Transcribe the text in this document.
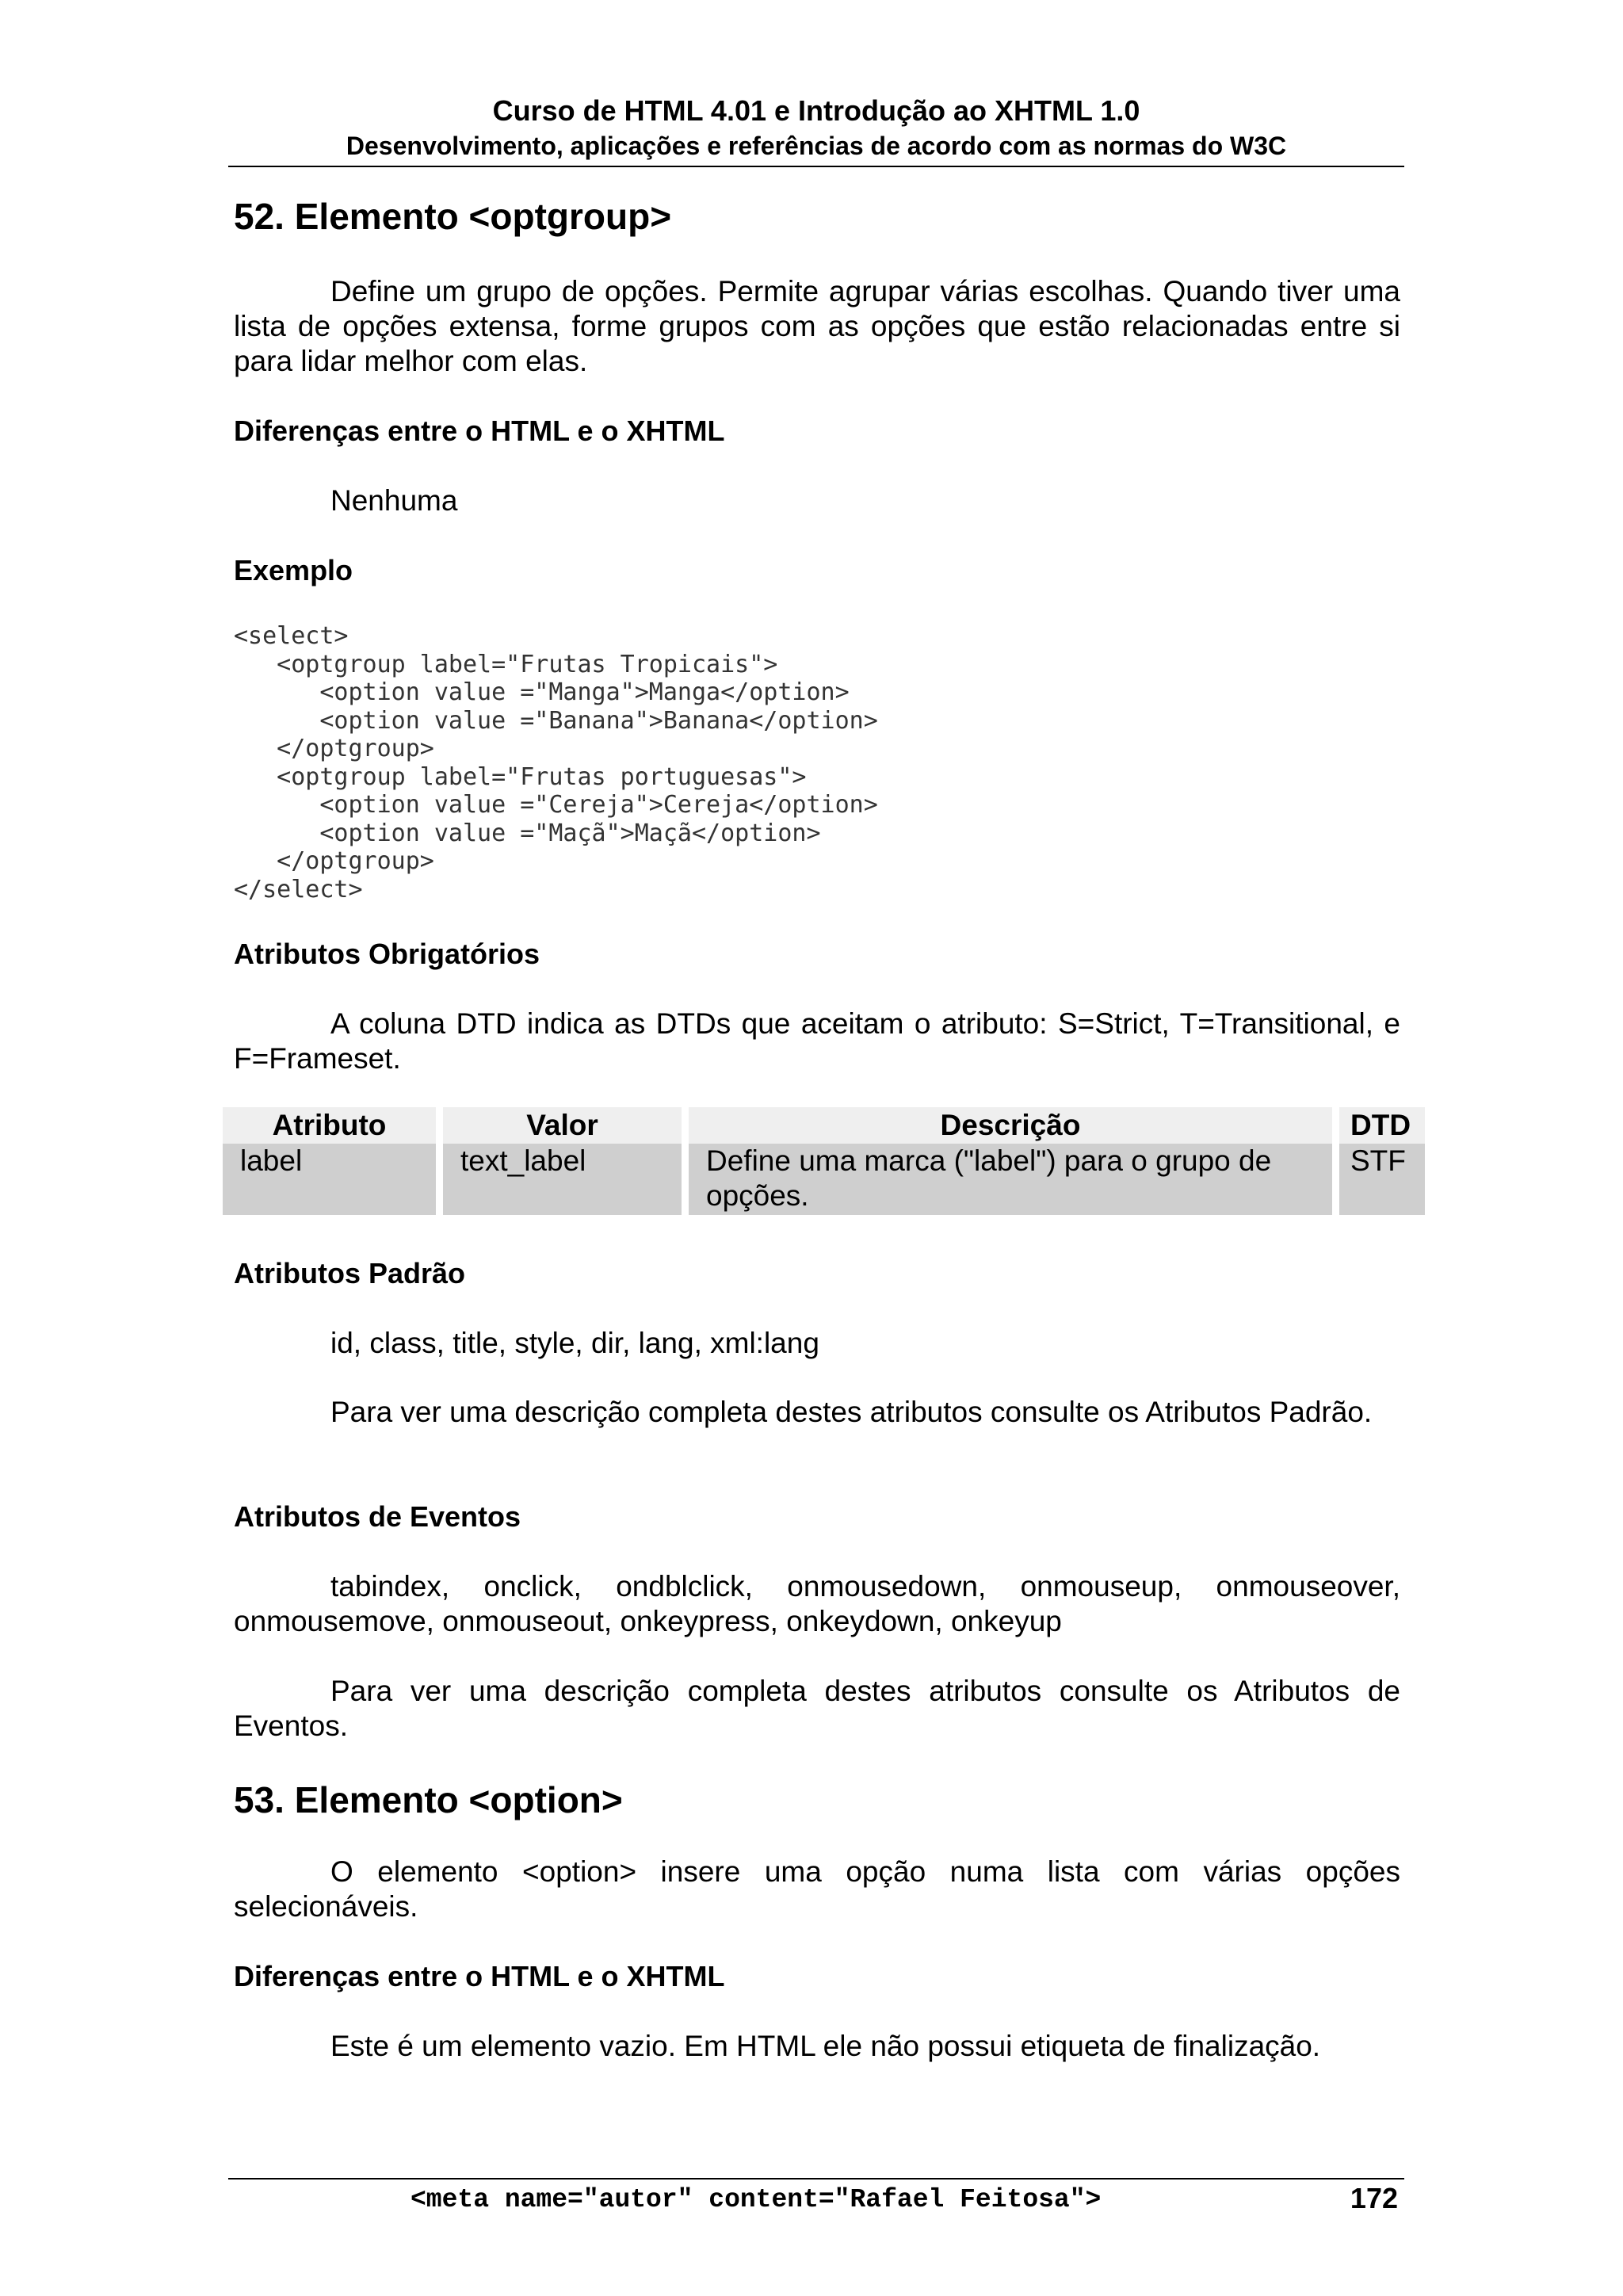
Curso de HTML 4.01 e Introdução ao XHTML 1.0
Desenvolvimento, aplicações e referências de acordo com as normas do W3C
52. Elemento <optgroup>
Define um grupo de opções. Permite agrupar várias escolhas. Quando tiver uma lista de opções extensa, forme grupos com as opções que estão relacionadas entre si para lidar melhor com elas.
Diferenças entre o HTML e o XHTML
Nenhuma
Exemplo
<select>
<optgroup label="Frutas Tropicais">
<option value ="Manga">Manga</option>
<option value ="Banana">Banana</option>
</optgroup>
<optgroup label="Frutas portuguesas">
<option value ="Cereja">Cereja</option>
<option value ="Maçã">Maçã</option>
</optgroup>
</select>
Atributos Obrigatórios
A coluna DTD indica as DTDs que aceitam o atributo: S=Strict, T=Transitional, e F=Frameset.
Atributo	Valor	Descrição	DTD
label	text_label	Define uma marca ("label") para o grupo de opções.	STF
Atributos Padrão
id, class, title, style, dir, lang, xml:lang
Para ver uma descrição completa destes atributos consulte os Atributos Padrão.
Atributos de Eventos
tabindex, onclick, ondblclick, onmousedown, onmouseup, onmouseover, onmousemove, onmouseout, onkeypress, onkeydown, onkeyup
Para ver uma descrição completa destes atributos consulte os Atributos de Eventos.
53. Elemento <option>
O elemento <option> insere uma opção numa lista com várias opções selecionáveis.
Diferenças entre o HTML e o XHTML
Este é um elemento vazio. Em HTML ele não possui etiqueta de finalização.
<meta name="autor" content="Rafael Feitosa">	172
